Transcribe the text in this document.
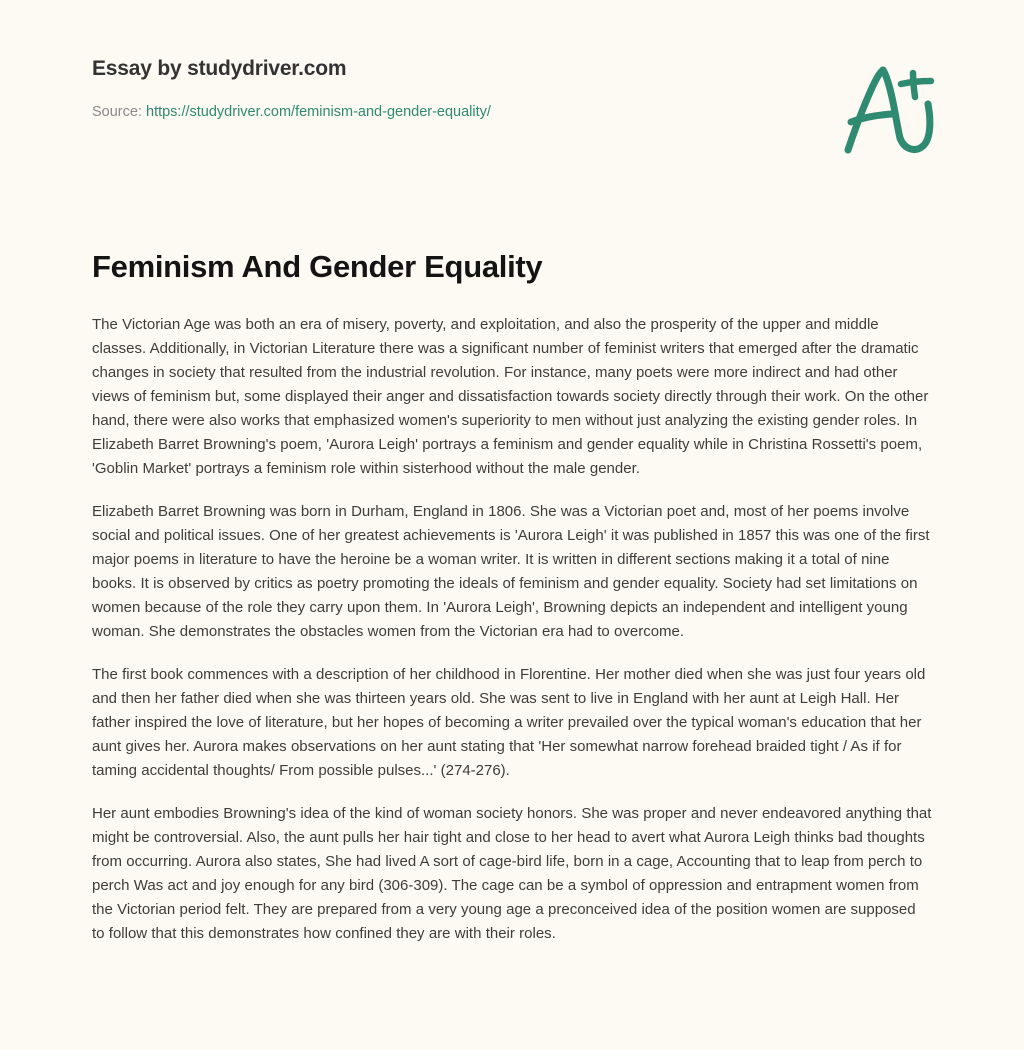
Essay by studydriver.com
Source: https://studydriver.com/feminism-and-gender-equality/
Feminism And Gender Equality

The Victorian Age was both an era of misery, poverty, and exploitation, and also the prosperity of the upper and middle classes. Additionally, in Victorian Literature there was a significant number of feminist writers that emerged after the dramatic changes in society that resulted from the industrial revolution. For instance, many poets were more indirect and had other views of feminism but, some displayed their anger and dissatisfaction towards society directly through their work. On the other hand, there were also works that emphasized women's superiority to men without just analyzing the existing gender roles. In Elizabeth Barret Browning's poem, 'Aurora Leigh' portrays a feminism and gender equality while in Christina Rossetti's poem, 'Goblin Market' portrays a feminism role within sisterhood without the male gender.

Elizabeth Barret Browning was born in Durham, England in 1806. She was a Victorian poet and, most of her poems involve social and political issues. One of her greatest achievements is 'Aurora Leigh' it was published in 1857 this was one of the first major poems in literature to have the heroine be a woman writer. It is written in different sections making it a total of nine books. It is observed by critics as poetry promoting the ideals of feminism and gender equality. Society had set limitations on women because of the role they carry upon them. In 'Aurora Leigh', Browning depicts an independent and intelligent young woman. She demonstrates the obstacles women from the Victorian era had to overcome.

The first book commences with a description of her childhood in Florentine. Her mother died when she was just four years old and then her father died when she was thirteen years old. She was sent to live in England with her aunt at Leigh Hall. Her father inspired the love of literature, but her hopes of becoming a writer prevailed over the typical woman's education that her aunt gives her. Aurora makes observations on her aunt stating that 'Her somewhat narrow forehead braided tight / As if for taming accidental thoughts/ From possible pulses...' (274-276).

Her aunt embodies Browning's idea of the kind of woman society honors. She was proper and never endeavored anything that might be controversial. Also, the aunt pulls her hair tight and close to her head to avert what Aurora Leigh thinks bad thoughts from occurring. Aurora also states, She had lived A sort of cage-bird life, born in a cage, Accounting that to leap from perch to perch Was act and joy enough for any bird (306-309). The cage can be a symbol of oppression and entrapment women from the Victorian period felt. They are prepared from a very young age a preconceived idea of the position women are supposed to follow that this demonstrates how confined they are with their roles.
